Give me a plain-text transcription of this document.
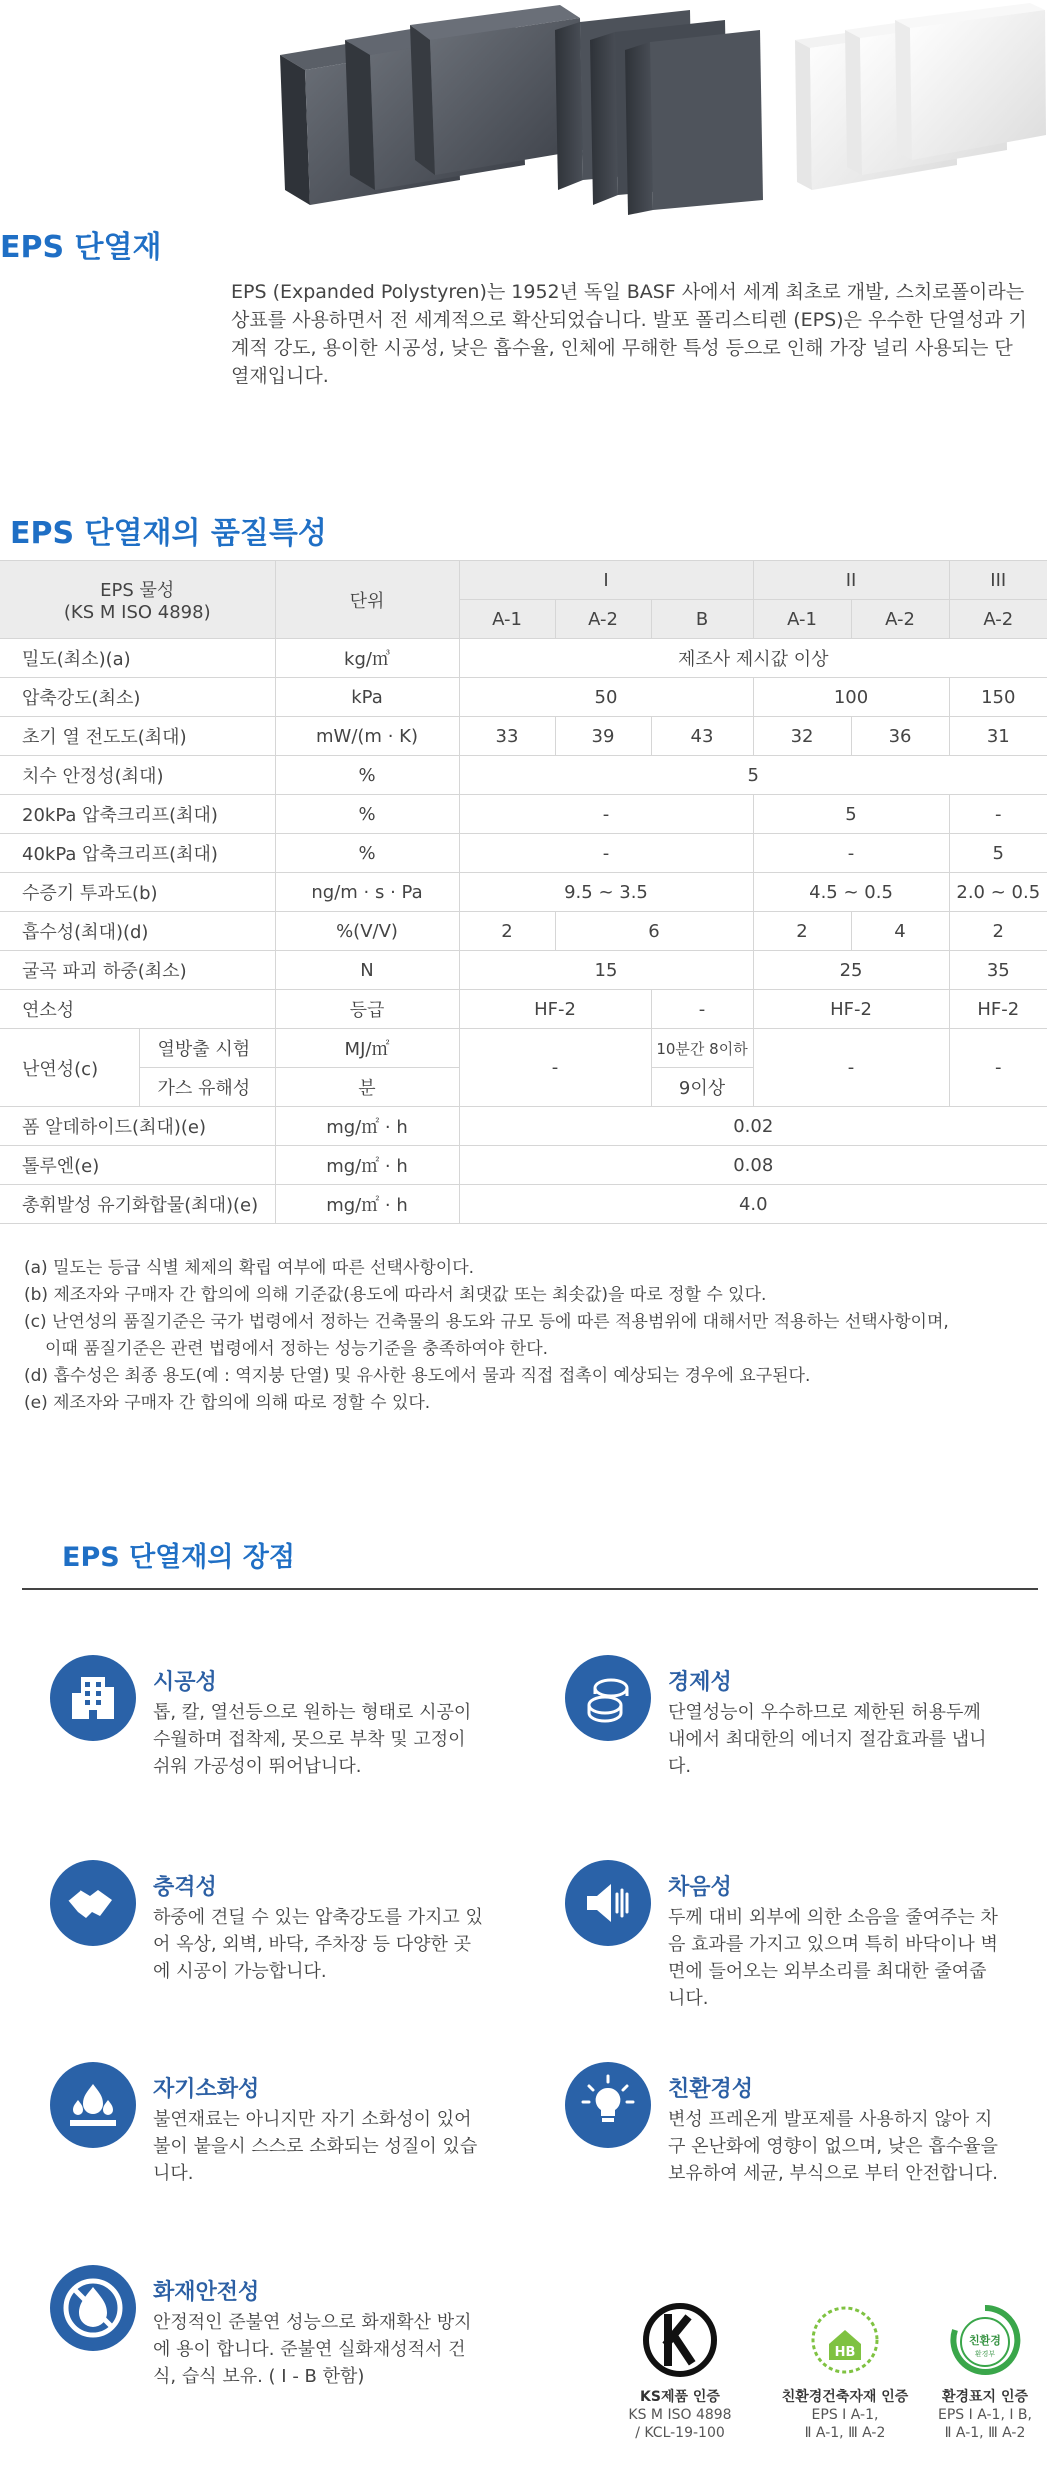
EPS 단열재
EPS (Expanded Polystyren)는 1952년 독일 BASF 사에서 세계 최초로 개발, 스치로폴이라는 상표를 사용하면서 전 세계적으로 확산되었습니다. 발포 폴리스티렌 (EPS)은 우수한 단열성과 기계적 강도, 용이한 시공성, 낮은 흡수율, 인체에 무해한 특성 등으로 인해 가장 널리 사용되는 단열재입니다.
EPS 단열재의 품질특성
EPS 물성
(KS M ISO 4898)		단위	I			II		III
			A-1	A-2	B	A-1	A-2	A-2
밀도(최소)(a)		kg/㎥	제조사 제시값 이상					
압축강도(최소)		kPa	50			100		150
초기 열 전도도(최대)		mW/(m · K)	33	39	43	32	36	31
치수 안정성(최대)		%	5					
20kPa 압축크리프(최대)		%	-			5		-
40kPa 압축크리프(최대)		%	-			-		5
수증기 투과도(b)		ng/m · s · Pa	9.5 ~ 3.5			4.5 ~ 0.5		2.0 ~ 0.5
흡수성(최대)(d)		%(V/V)	2	6		2	4	2
굴곡 파괴 하중(최소)		N	15			25		35
연소성		등급	HF-2		-	HF-2		HF-2
난연성(c)	열방출 시험	MJ/㎡	-		10분간 8이하	-		-
	가스 유해성	분			9이상			
폼 알데하이드(최대)(e)		mg/㎡ · h	0.02					
톨루엔(e)		mg/㎡ · h	0.08					
총휘발성 유기화합물(최대)(e)		mg/㎡ · h	4.0					
(a) 밀도는 등급 식별 체제의 확립 여부에 따른 선택사항이다.
(b) 제조자와 구매자 간 합의에 의해 기준값(용도에 따라서 최댓값 또는 최솟값)을 따로 정할 수 있다.
(c) 난연성의 품질기준은 국가 법령에서 정하는 건축물의 용도와 규모 등에 따른 적용범위에 대해서만 적용하는 선택사항이며,
이때 품질기준은 관련 법령에서 정하는 성능기준을 충족하여야 한다.
(d) 흡수성은 최종 용도(예 : 역지붕 단열) 및 유사한 용도에서 물과 직접 접촉이 예상되는 경우에 요구된다.
(e) 제조자와 구매자 간 합의에 의해 따로 정할 수 있다.
EPS 단열재의 장점
시공성
톱, 칼, 열선등으로 원하는 형태로 시공이 수월하며 접착제, 못으로 부착 및 고정이 쉬워 가공성이 뛰어납니다.
경제성
단열성능이 우수하므로 제한된 허용두께 내에서 최대한의 에너지 절감효과를 냅니다.
충격성
하중에 견딜 수 있는 압축강도를 가지고 있어 옥상, 외벽, 바닥, 주차장 등 다양한 곳에 시공이 가능합니다.
차음성
두께 대비 외부에 의한 소음을 줄여주는 차음 효과를 가지고 있으며 특히 바닥이나 벽면에 들어오는 외부소리를 최대한 줄여줍니다.
자기소화성
불연재료는 아니지만 자기 소화성이 있어 불이 붙을시 스스로 소화되는 성질이 있습니다.
친환경성
변성 프레온게 발포제를 사용하지 않아 지구 온난화에 영향이 없으며, 낮은 흡수율을 보유하여 세균, 부식으로 부터 안전합니다.
화재안전성
안정적인 준불연 성능으로 화재확산 방지에 용이 합니다. 준불연 실화재성적서 건식, 습식 보유. ( I - B 한함)
KS제품 인증
KS M ISO 4898
/ KCL-19-100
HB
친환경건축자재 인증
EPS Ⅰ A-1,
Ⅱ A-1, Ⅲ A-2
친환경
환경부
환경표지 인증
EPS Ⅰ A-1, Ⅰ B,
Ⅱ A-1, Ⅲ A-2
